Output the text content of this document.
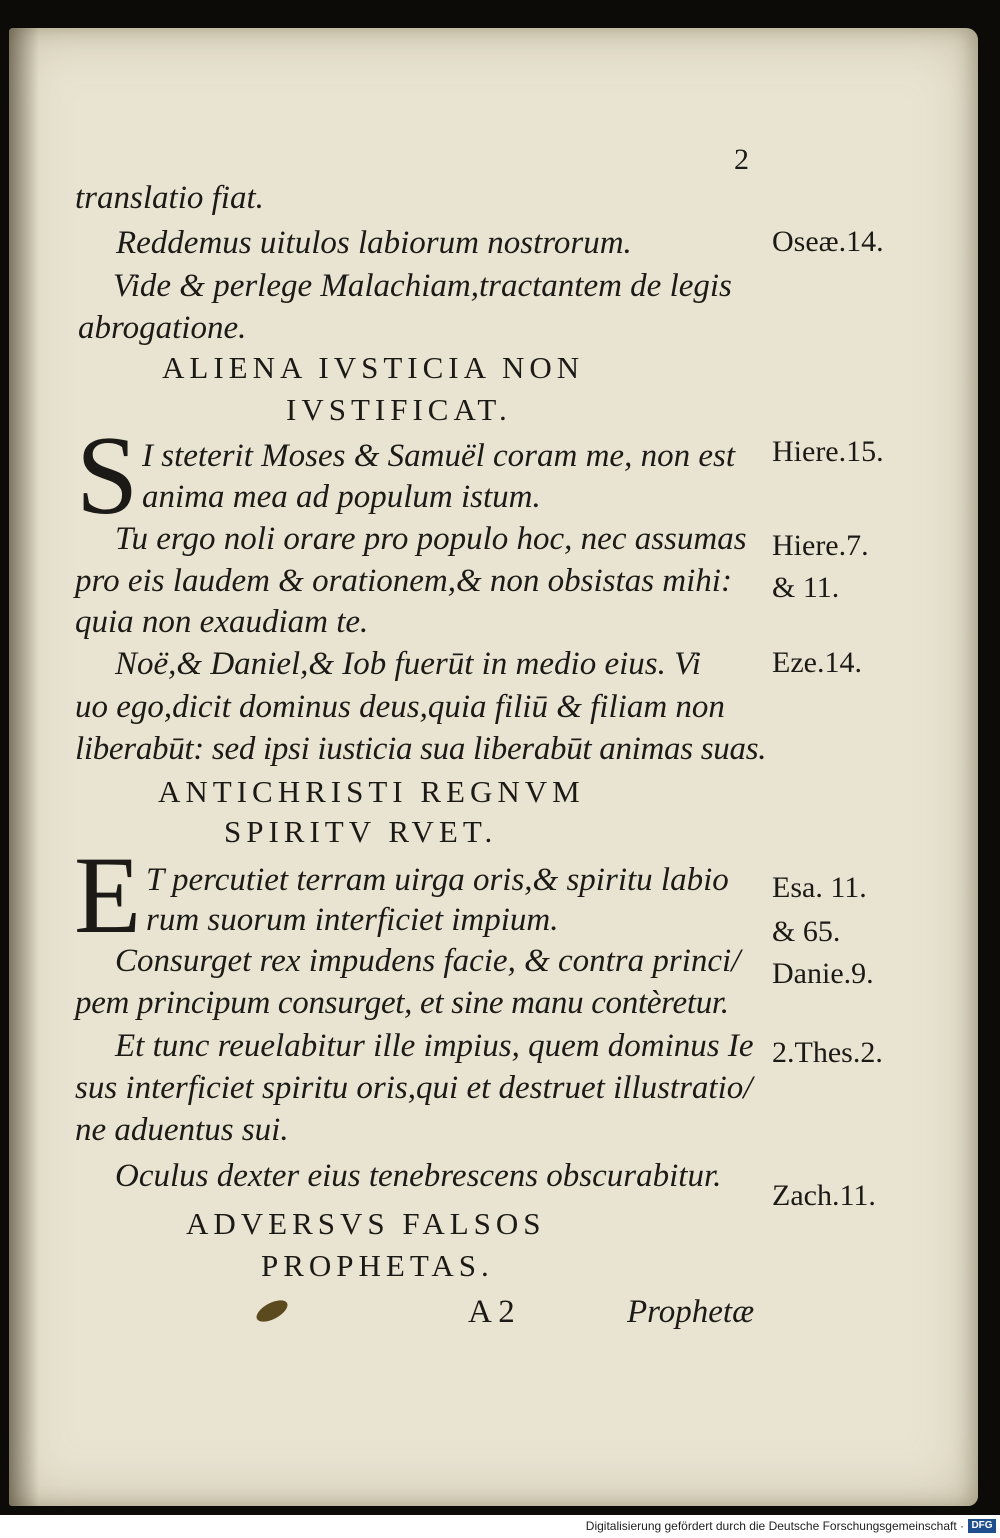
2
translatio fiat.
Reddemus uitulos labiorum nostrorum.
Vide & perlege Malachiam,tractantem de legis
abrogatione.
ALIENA IVSTICIA NON
IVSTIFICAT.
S I steterit Moses & Samuël coram me, non est
anima mea ad populum istum.
Tu ergo noli orare pro populo hoc, nec assumas
pro eis laudem & orationem,& non obsistas mihi:
quia non exaudiam te.
Noë,& Daniel,& Iob fuerūt in medio eius. Vi
uo ego,dicit dominus deus,quia filiū & filiam non
liberabūt: sed ipsi iusticia sua liberabūt animas suas.
ANTICHRISTI REGNVM
SPIRITV RVET.
E T percutiet terram uirga oris,& spiritu labio
rum suorum interficiet impium.
Consurget rex impudens facie, & contra princi/
pem principum consurget, et sine manu contèretur.
Et tunc reuelabitur ille impius, quem dominus Ie
sus interficiet spiritu oris,qui et destruet illustratio/
ne aduentus sui.
Oculus dexter eius tenebrescens obscurabitur.
ADVERSVS FALSOS
PROPHETAS.
Oseæ.14.
Hiere.15.
Hiere.7.
& 11.
Eze.14.
Esa. 11.
& 65.
Danie.9.
2.Thes.2.
Zach.11.
A 2	Prophetæ
Digitalisierung gefördert durch die Deutsche Forschungsgemeinschaft · DFG
